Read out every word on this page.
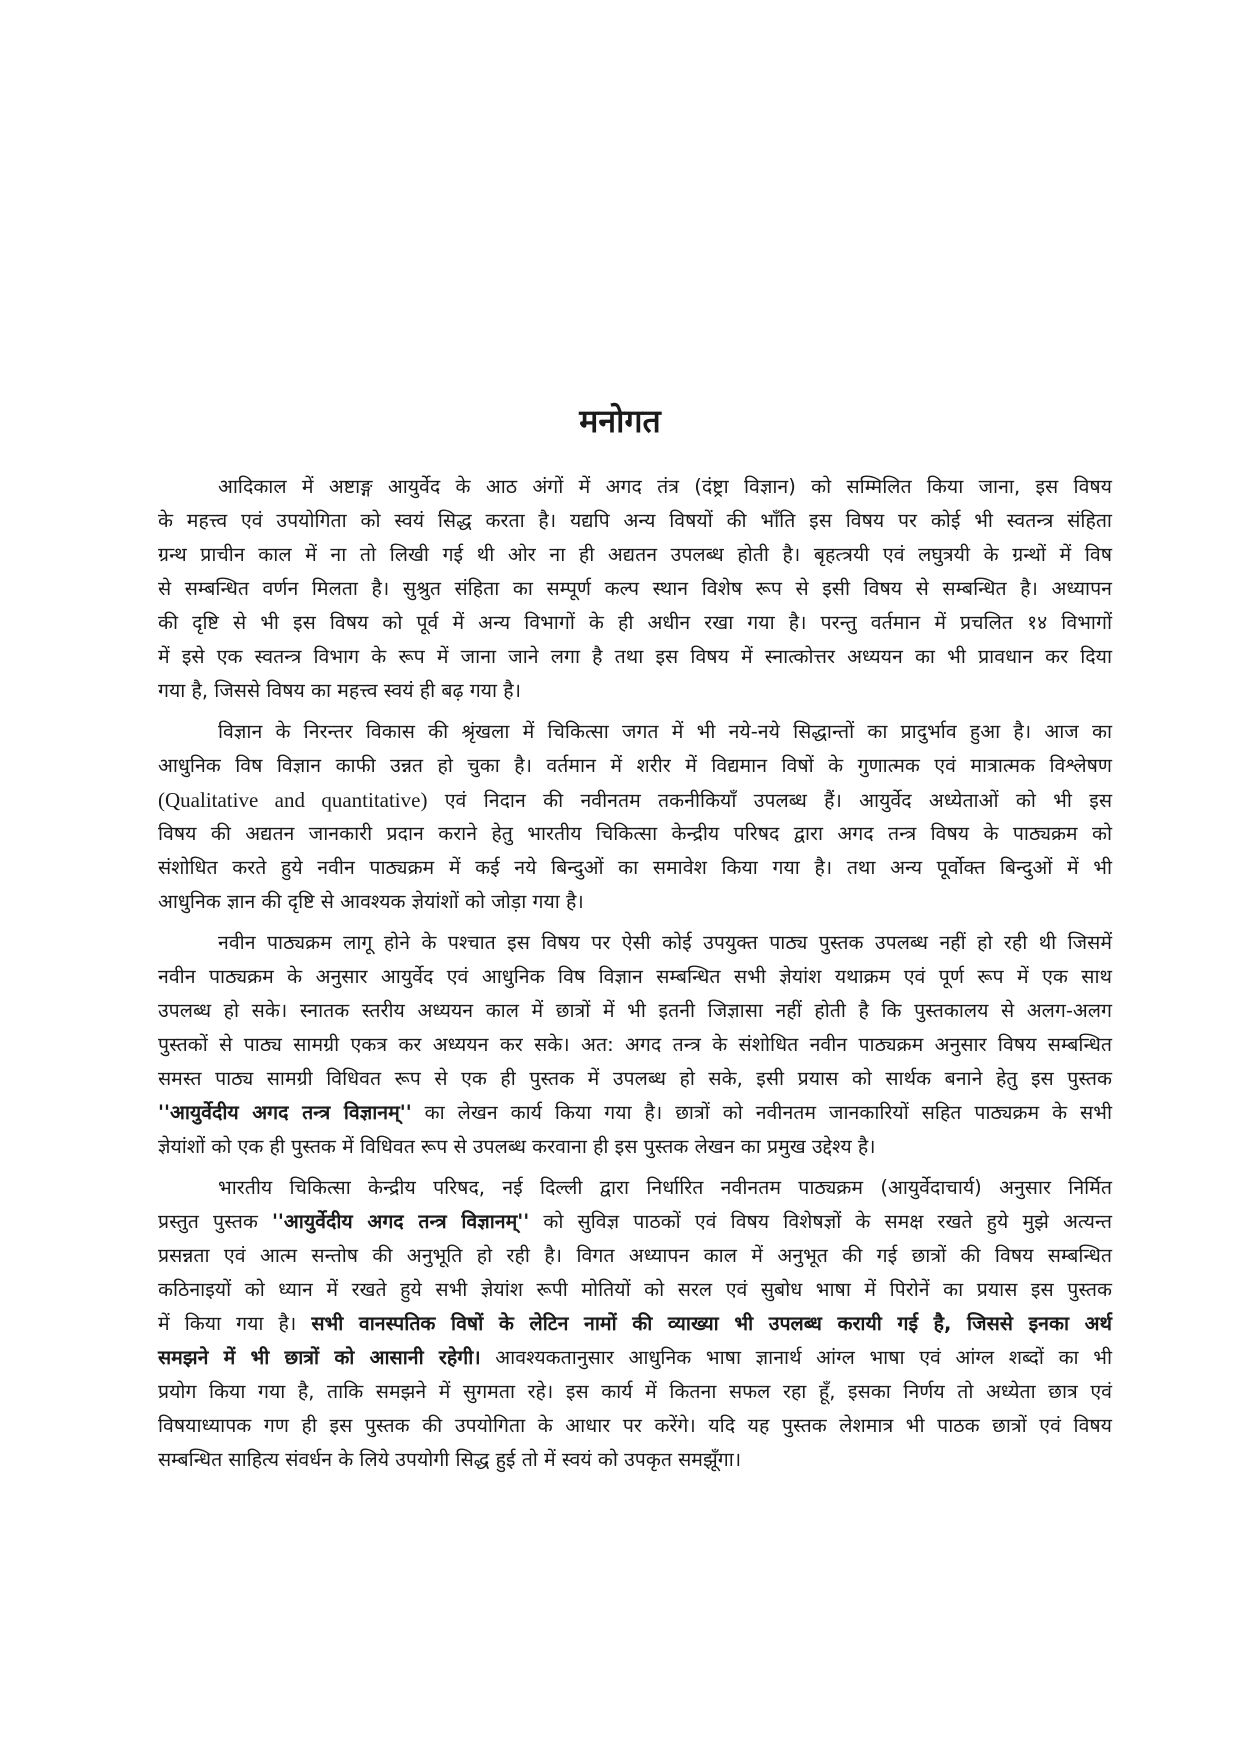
मनोगत
आदिकाल में अष्टाङ्ग आयुर्वेद के आठ अंगों में अगद तंत्र (दंष्ट्रा विज्ञान) को सम्मिलित किया जाना, इस विषय
के महत्त्व एवं उपयोगिता को स्वयं सिद्ध करता है। यद्यपि अन्य विषयों की भाँति इस विषय पर कोई भी स्वतन्त्र संहिता
ग्रन्थ प्राचीन काल में ना तो लिखी गई थी ओर ना ही अद्यतन उपलब्ध होती है। बृहत्त्रयी एवं लघुत्रयी के ग्रन्थों में विष
से सम्बन्धित वर्णन मिलता है। सुश्रुत संहिता का सम्पूर्ण कल्प स्थान विशेष रूप से इसी विषय से सम्बन्धित है। अध्यापन
की दृष्टि से भी इस विषय को पूर्व में अन्य विभागों के ही अधीन रखा गया है। परन्तु वर्तमान में प्रचलित १४ विभागों
में इसे एक स्वतन्त्र विभाग के रूप में जाना जाने लगा है तथा इस विषय में स्नात्कोत्तर अध्ययन का भी प्रावधान कर दिया
गया है, जिससे विषय का महत्त्व स्वयं ही बढ़ गया है।
विज्ञान के निरन्तर विकास की श्रृंखला में चिकित्सा जगत में भी नये-नये सिद्धान्तों का प्रादुर्भाव हुआ है। आज का
आधुनिक विष विज्ञान काफी उन्नत हो चुका है। वर्तमान में शरीर में विद्यमान विषों के गुणात्मक एवं मात्रात्मक विश्लेषण
(Qualitative and quantitative) एवं निदान की नवीनतम तकनीकियाँ उपलब्ध हैं। आयुर्वेद अध्येताओं को भी इस
विषय की अद्यतन जानकारी प्रदान कराने हेतु भारतीय चिकित्सा केन्द्रीय परिषद द्वारा अगद तन्त्र विषय के पाठ्यक्रम को
संशोधित करते हुये नवीन पाठ्यक्रम में कई नये बिन्दुओं का समावेश किया गया है। तथा अन्य पूर्वोक्त बिन्दुओं में भी
आधुनिक ज्ञान की दृष्टि से आवश्यक ज्ञेयांशों को जोड़ा गया है।
नवीन पाठ्यक्रम लागू होने के पश्चात इस विषय पर ऐसी कोई उपयुक्त पाठ्य पुस्तक उपलब्ध नहीं हो रही थी जिसमें
नवीन पाठ्यक्रम के अनुसार आयुर्वेद एवं आधुनिक विष विज्ञान सम्बन्धित सभी ज्ञेयांश यथाक्रम एवं पूर्ण रूप में एक साथ
उपलब्ध हो सके। स्नातक स्तरीय अध्ययन काल में छात्रों में भी इतनी जिज्ञासा नहीं होती है कि पुस्तकालय से अलग-अलग
पुस्तकों से पाठ्य सामग्री एकत्र कर अध्ययन कर सके। अत: अगद तन्त्र के संशोधित नवीन पाठ्यक्रम अनुसार विषय सम्बन्धित
समस्त पाठ्य सामग्री विधिवत रूप से एक ही पुस्तक में उपलब्ध हो सके, इसी प्रयास को सार्थक बनाने हेतु इस पुस्तक
''आयुर्वेदीय अगद तन्त्र विज्ञानम्'' का लेखन कार्य किया गया है। छात्रों को नवीनतम जानकारियों सहित पाठ्यक्रम के सभी
ज्ञेयांशों को एक ही पुस्तक में विधिवत रूप से उपलब्ध करवाना ही इस पुस्तक लेखन का प्रमुख उद्देश्य है।
भारतीय चिकित्सा केन्द्रीय परिषद, नई दिल्ली द्वारा निर्धारित नवीनतम पाठ्यक्रम (आयुर्वेदाचार्य) अनुसार निर्मित
प्रस्तुत पुस्तक ''आयुर्वेदीय अगद तन्त्र विज्ञानम्'' को सुविज्ञ पाठकों एवं विषय विशेषज्ञों के समक्ष रखते हुये मुझे अत्यन्त
प्रसन्नता एवं आत्म सन्तोष की अनुभूति हो रही है। विगत अध्यापन काल में अनुभूत की गई छात्रों की विषय सम्बन्धित
कठिनाइयों को ध्यान में रखते हुये सभी ज्ञेयांश रूपी मोतियों को सरल एवं सुबोध भाषा में पिरोनें का प्रयास इस पुस्तक
में किया गया है। सभी वानस्पतिक विषों के लेटिन नामों की व्याख्या भी उपलब्ध करायी गई है, जिससे इनका अर्थ
समझने में भी छात्रों को आसानी रहेगी। आवश्यकतानुसार आधुनिक भाषा ज्ञानार्थ आंग्ल भाषा एवं आंग्ल शब्दों का भी
प्रयोग किया गया है, ताकि समझने में सुगमता रहे। इस कार्य में कितना सफल रहा हूँ, इसका निर्णय तो अध्येता छात्र एवं
विषयाध्यापक गण ही इस पुस्तक की उपयोगिता के आधार पर करेंगे। यदि यह पुस्तक लेशमात्र भी पाठक छात्रों एवं विषय
सम्बन्धित साहित्य संवर्धन के लिये उपयोगी सिद्ध हुई तो में स्वयं को उपकृत समझूँगा।
